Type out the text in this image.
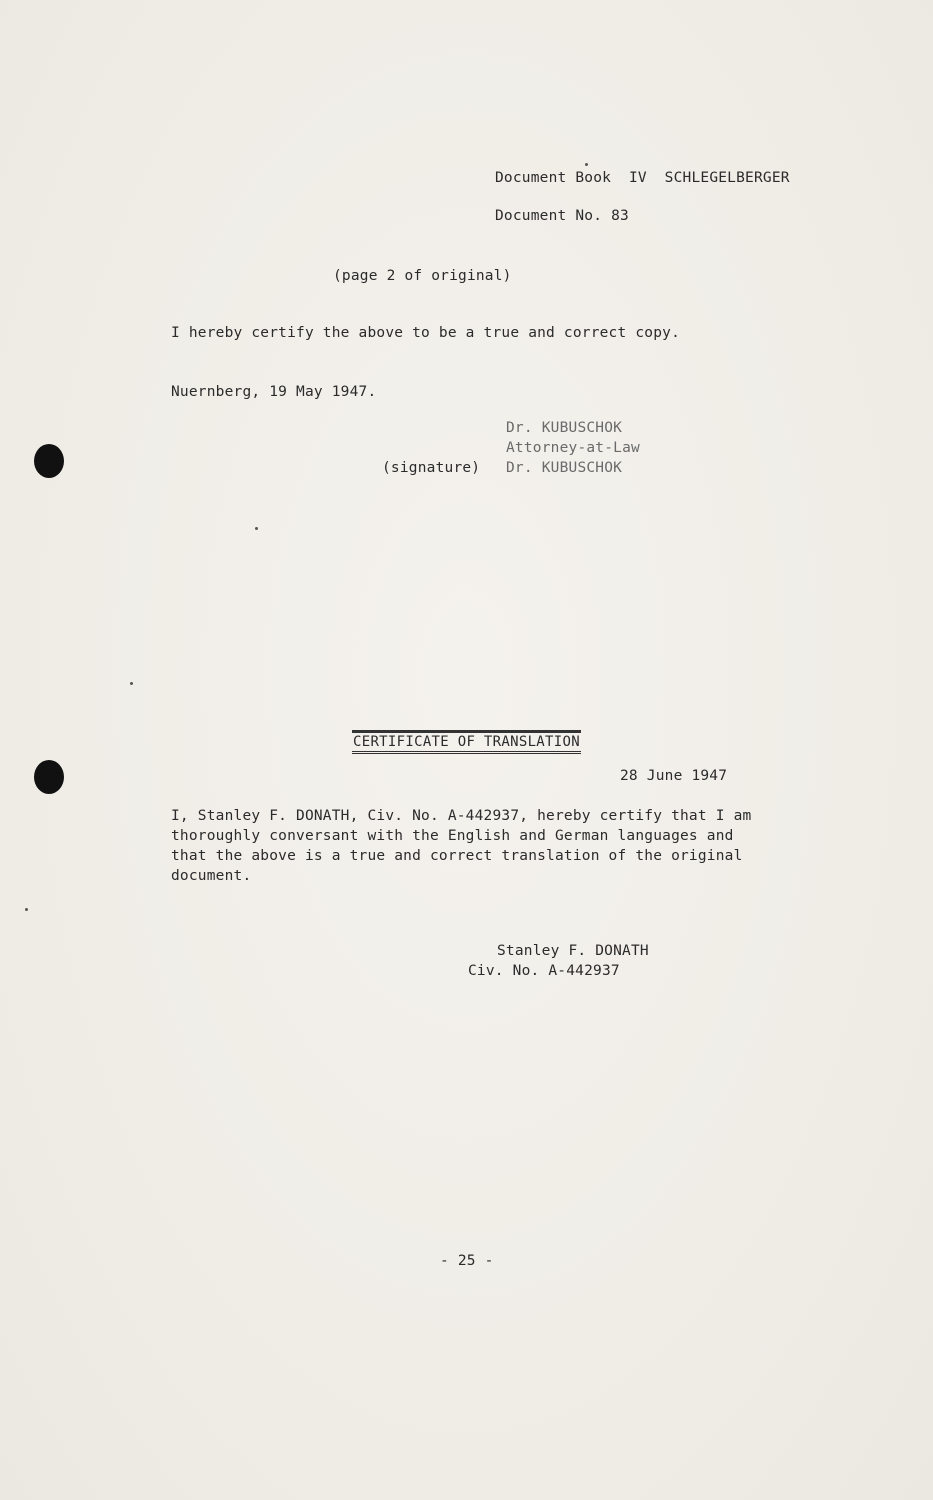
Document Book  IV  SCHLEGELBERGER
Document No. 83
(page 2 of original)
I hereby certify the above to be a true and correct copy.
Nuernberg, 19 May 1947.
Dr. KUBUSCHOK
Attorney-at-Law
(signature) Dr. KUBUSCHOK
CERTIFICATE OF TRANSLATION
28 June 1947
I, Stanley F. DONATH, Civ. No. A-442937, hereby certify that I am
thoroughly conversant with the English and German languages and
that the above is a true and correct translation of the original
document.
Stanley F. DONATH
Civ. No. A-442937
- 25 -
